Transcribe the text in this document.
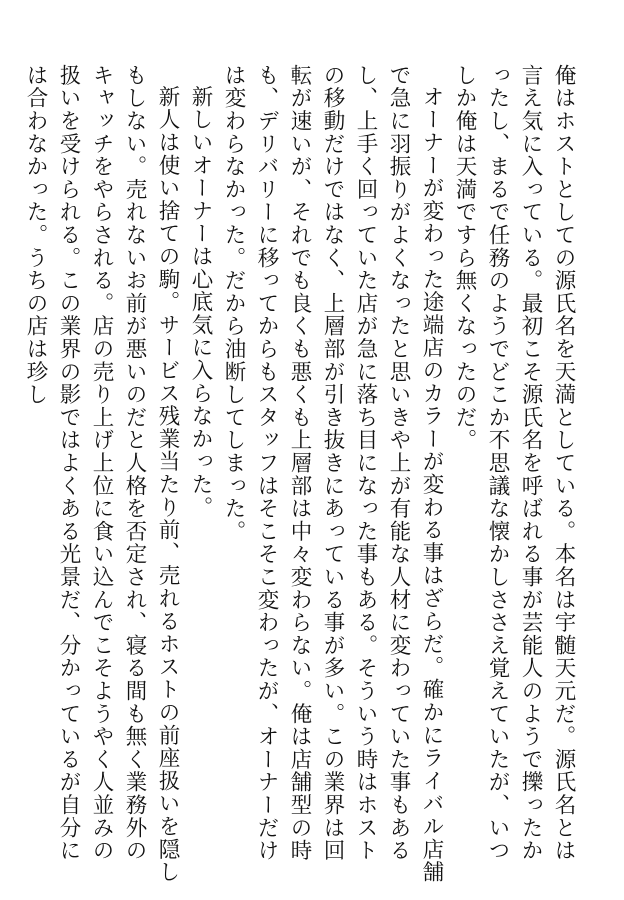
俺はホストとしての源氏名を天満としている。本名は宇髄天元だ。源氏名とは言え気に入っている。最初こそ源氏名を呼ばれる事が芸能人のようで擽ったかったし、まるで任務のようでどこか不思議な懐かしささえ覚えていたが、いつしか俺は天満ですら無くなったのだ。

オーナーが変わった途端店のカラーが変わる事はざらだ。確かにライバル店舗で急に羽振りがよくなったと思いきや上が有能な人材に変わっていた事もあるし、上手く回っていた店が急に落ち目になった事もある。そういう時はホストの移動だけではなく、上層部が引き抜きにあっている事が多い。この業界は回転が速いが、それでも良くも悪くも上層部は中々変わらない。俺は店舗型の時も、デリバリーに移ってからもスタッフはそこそこ変わったが、オーナーだけは変わらなかった。だから油断してしまった。

新しいオーナーは心底気に入らなかった。

新人は使い捨ての駒。サービス残業当たり前、売れるホストの前座扱いを隠しもしない。売れないお前が悪いのだと人格を否定され、寝る間も無く業務外のキャッチをやらされる。店の売り上げ上位に食い込んでこそようやく人並みの扱いを受けられる。この業界の影ではよくある光景だ、分かっているが自分には合わなかった。うちの店は珍し
